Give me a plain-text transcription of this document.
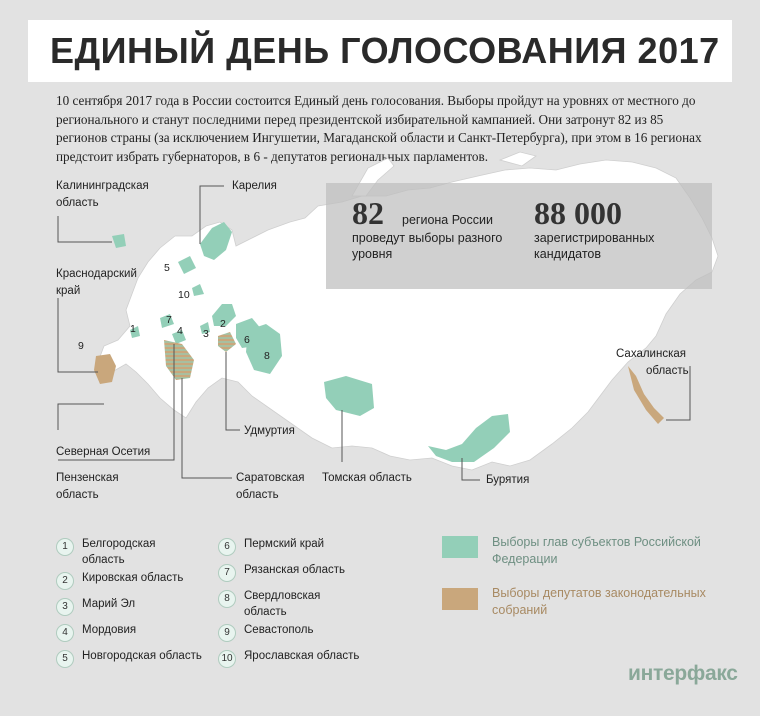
ЕДИНЫЙ ДЕНЬ ГОЛОСОВАНИЯ 2017
10 сентября 2017 года в России состоится Единый день голосования. Выборы пройдут на уровнях от местного до регионального и станут последними перед президентской избирательной кампанией. Они затронут 82 из 85 регионов страны (за исключением Ингушетии, Магаданской области и Санкт-Петербурга), при этом в 16 регионах предстоит избрать губернаторов, в 6 - депутатов региональных парламентов.
82 региона России
проведут выборы разного
уровня
88 000
зарегистрированных
кандидатов
Калининградская
область
Карелия
Краснодарский
край
Сахалинская
область
Северная Осетия
Удмуртия
Пензенская
область
Саратовская
область
Томская область	Бурятия
5
10
1
7
4 3
2
6
8
9
1	Белгородская
область
2	Кировская область
3	Марий Эл
4	Мордовия
5	Новгородская область
6	Пермский край
7	Рязанская область
8	Свердловская
область
9	Севастополь
10 Ярославская область
Выборы глав субъектов Российской
Федерации
Выборы депутатов законодательных
собраний
интерфакс
